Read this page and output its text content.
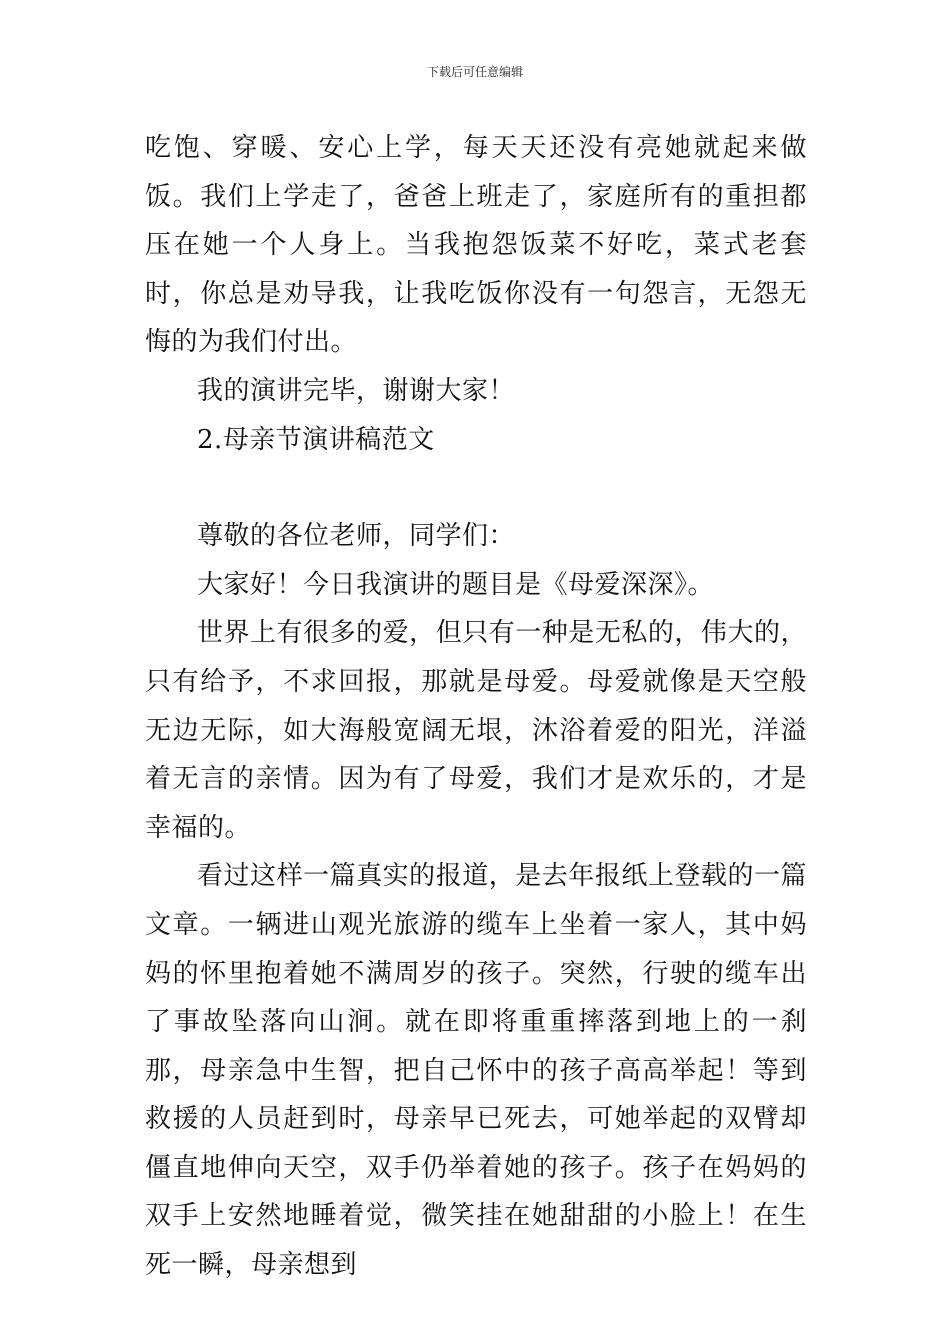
下载后可任意编辑

吃饱、穿暖、安心上学，每天天还没有亮她就起来做饭。我们上学走了，爸爸上班走了，家庭所有的重担都压在她一个人身上。当我抱怨饭菜不好吃，菜式老套时，你总是劝导我，让我吃饭你没有一句怨言，无怨无悔的为我们付出。

我的演讲完毕，谢谢大家！

2.母亲节演讲稿范文

尊敬的各位老师，同学们：

大家好！今日我演讲的题目是《母爱深深》。

世界上有很多的爱，但只有一种是无私的，伟大的，只有给予，不求回报，那就是母爱。母爱就像是天空般无边无际，如大海般宽阔无垠，沐浴着爱的阳光，洋溢着无言的亲情。因为有了母爱，我们才是欢乐的，才是幸福的。

看过这样一篇真实的报道，是去年报纸上登载的一篇文章。一辆进山观光旅游的缆车上坐着一家人，其中妈妈的怀里抱着她不满周岁的孩子。突然，行驶的缆车出了事故坠落向山涧。就在即将重重摔落到地上的一刹那，母亲急中生智，把自己怀中的孩子高高举起！等到救援的人员赶到时，母亲早已死去，可她举起的双臂却僵直地伸向天空，双手仍举着她的孩子。孩子在妈妈的双手上安然地睡着觉，微笑挂在她甜甜的小脸上！在生死一瞬，母亲想到
